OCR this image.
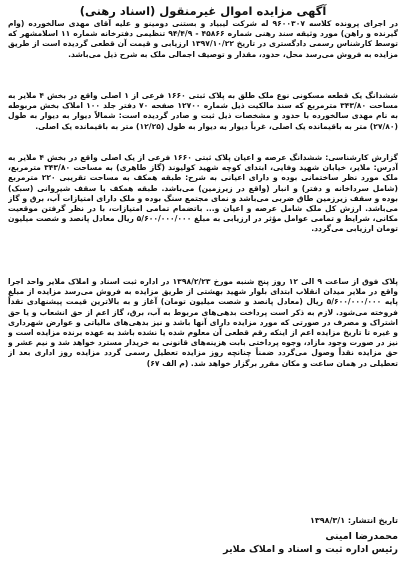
آگهی مزایده اموال غیرمنقول (اسناد رهنی)

در اجرای پرونده کلاسه ۹۶۰۰۳۰۷ له شرکت لیبیاد و بستنی دومینو و علیه آقای مهدی سالخورده (وام گیرنده و راهن) مورد وثیقه سند رهنی شماره ۴۵۸۶۶ - ۹۴/۴/۹ تنظیمی دفترخانه شماره ۱۱ اسلامشهر که توسط کارشناس رسمی دادگستری در تاریخ ۱۳۹۷/۱۰/۲۲ ارزیابی و قیمت آن قطعی گردیده است از طریق مزایده به فروش می‌رسد محل، حدود، مقدار و توصیف اجمالی ملک به شرح ذیل می‌باشد.

ششدانگ یک قطعه مسکونی نوع ملک طلق به پلاک ثبتی ۱۶۶۰ فرعی از ۱ اصلی واقع در بخش ۴ ملایر به مساحت ۳۴۳/۸۰ مترمربع که سند مالکیت ذیل شماره ۱۲۷۰۰ صفحه ۷۰ دفتر جلد ۱۰۰ املاک بخش مربوطه به نام مهدی سالخورده با حدود و مشخصات ذیل ثبت و صادر گردیده است: شمالاً دیوار به دیوار به طول (۲۷/۸۰) متر به باقیمانده یک اصلی، غرباً دیوار به دیوار به طول (۱۲/۲۵) متر به باقیمانده یک اصلی.

گزارش کارشناسی: ششدانگ عرصه و اعیان پلاک ثبتی ۱۶۶۰ فرعی از یک اصلی واقع در بخش ۴ ملایر به آدرس: ملایر، خیابان شهید وفایی، ابتدای کوچه شهید کولیوند (گاز طاهری) به مساحت ۳۴۳/۸۰ مترمربع، ملک مورد نظر ساختمانی بوده و دارای اعیانی به شرح: طبقه همکف به مساحت تقریبی ۲۲۰ مترمربع (شامل سرداخانه و دفتر) و انبار (واقع در زیرزمین) می‌باشد. طبقه همکف با سقف شیروانی (سبک) بوده و سقف زیرزمین طاق ضربی می‌باشد و نمای مجتمع سنگ بوده و ملک دارای امتیازات آب، برق و گاز می‌باشد. ارزش کل ملک شامل عرصه و اعیان و... باتضمام تمامی امتیازات، با در نظر گرفتن موقعیت مکانی، شرایط و تمامی عوامل مؤثر در ارزیابی به مبلغ ۵/۶۰۰/۰۰۰/۰۰۰ ریال معادل پانصد و شصت میلیون تومان ارزیابی می‌گردد.

پلاک فوق از ساعت ۹ الی ۱۲ روز پنج شنبه مورخ ۱۳۹۸/۲/۲۳ در اداره ثبت اسناد و املاک ملایر واحد اجرا واقع در ملایر میدان انقلاب ابتدای بلوار شهید بهشتی از طریق مزایده به فروش می‌رسد مزایده از مبلغ پایه ۵/۶۰۰/۰۰۰/۰۰۰ ریال (معادل پانصد و شصت میلیون تومان) آغاز و به بالاترین قیمت پیشنهادی نقداً فروخته می‌شود. لازم به ذکر است پرداخت بدهی‌های مربوط به آب، برق، گاز اعم از حق انشعاب و یا حق اشتراک و مصرف در صورتی که مورد مزایده دارای آنها باشد و نیز بدهی‌های مالیاتی و عوارض شهرداری و غیره تا تاریخ مزایده اعم از اینکه رقم قطعی آن معلوم شده یا نشده باشد به عهده برنده مزایده است و نیز در صورت وجود مازاد، وجوه پرداختی بابت هزینه‌های قانونی به خریدار مسترد خواهد شد و نیم عشر و حق مزایده نقداً وصول می‌گردد ضمناً چنانچه روز مزایده تعطیل رسمی گردد مزایده روز اداری بعد از تعطیلی در همان ساعت و مکان مقرر برگزار خواهد شد. (م الف ۶۷)

تاریخ انتشار: ۱۳۹۸/۳/۱
محمدرضا امینی
رئیس اداره ثبت و اسناد و املاک ملایر
